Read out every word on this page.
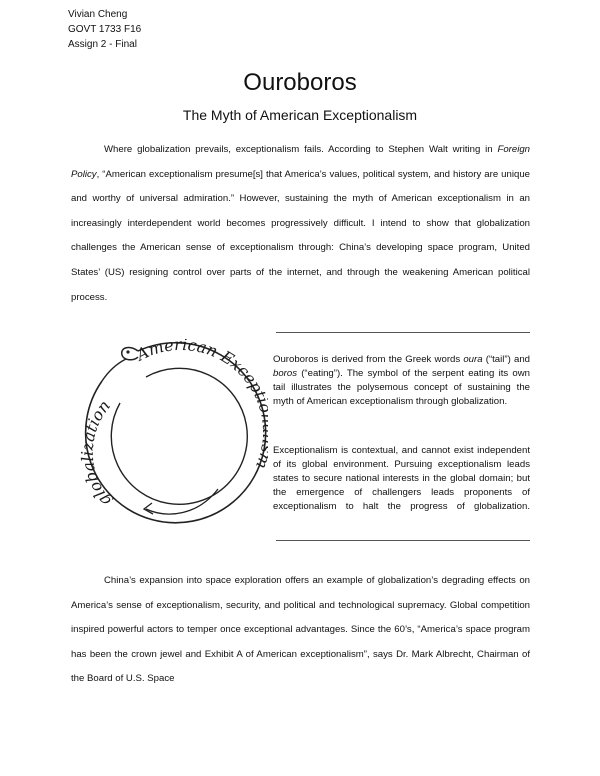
Vivian Cheng
GOVT 1733 F16
Assign 2 - Final
Ouroboros
The Myth of American Exceptionalism

Where globalization prevails, exceptionalism fails. According to Stephen Walt writing in Foreign Policy, “American exceptionalism presume[s] that America’s values, political system, and history are unique and worthy of universal admiration.” However, sustaining the myth of American exceptionalism in an increasingly interdependent world becomes progressively difficult. I intend to show that globalization challenges the American sense of exceptionalism through: China’s developing space program, United States’ (US) resigning control over parts of the internet, and through the weakening American political process.

American Excep
globalization

Ouroboros is derived from the Greek words oura (“tail”) and boros (“eating”). The symbol of the serpent eating its own tail illustrates the polysemous concept of sustaining the myth of American exceptionalism through globalization.

Exceptionalism is contextual, and cannot exist independent of its global environment. Pursuing exceptionalism leads states to secure national interests in the global domain; but the emergence of challengers leads proponents of exceptionalism to halt the progress of globalization.

China’s expansion into space exploration offers an example of globalization’s degrading effects on America’s sense of exceptionalism, security, and political and technological supremacy. Global competition inspired powerful actors to temper once exceptional advantages. Since the 60’s, “America’s space program has been the crown jewel and Exhibit A of American exceptionalism”, says Dr. Mark Albrecht, Chairman of the Board of U.S. Space
